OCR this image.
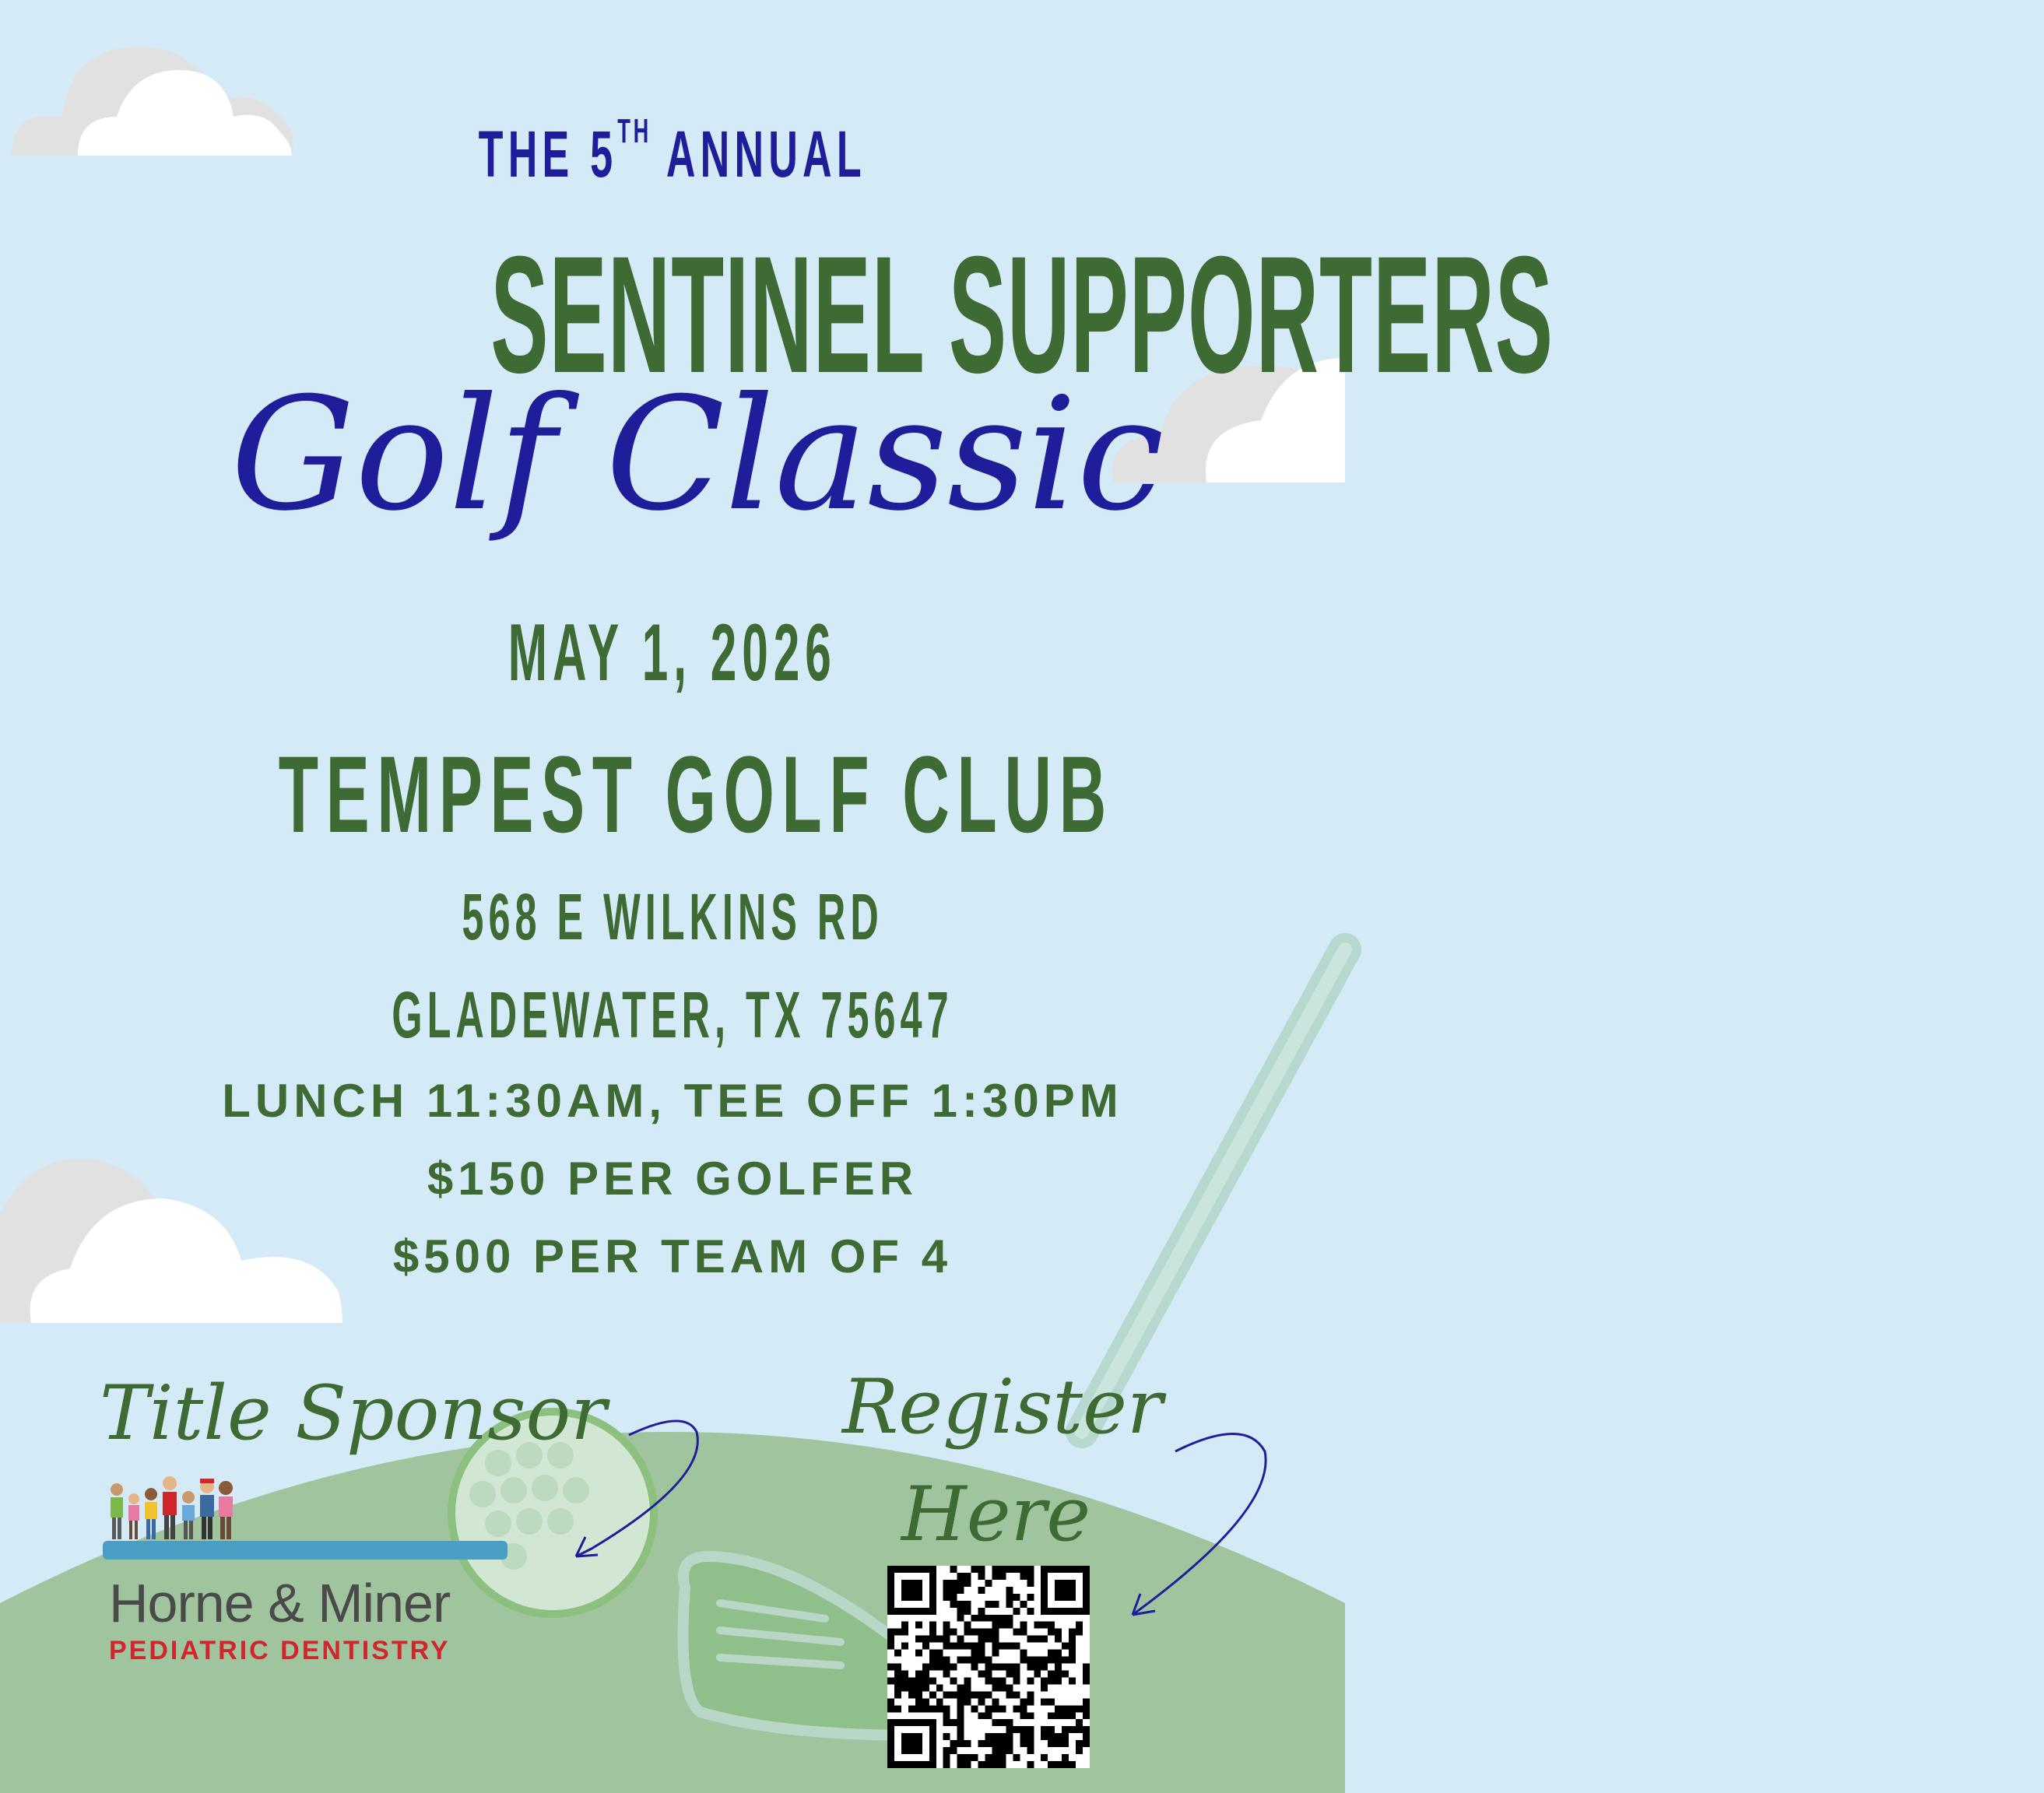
THE 5TH ANNUAL
SENTINEL SUPPORTERS
Golf Classic
MAY 1, 2026
TEMPEST GOLF CLUB
568 E WILKINS RD
GLADEWATER, TX 75647
LUNCH 11:30AM, TEE OFF 1:30PM
$150 PER GOLFER
$500 PER TEAM OF 4
Title Sponsor
Horne & Miner
PEDIATRIC DENTISTRY
Register
Here
